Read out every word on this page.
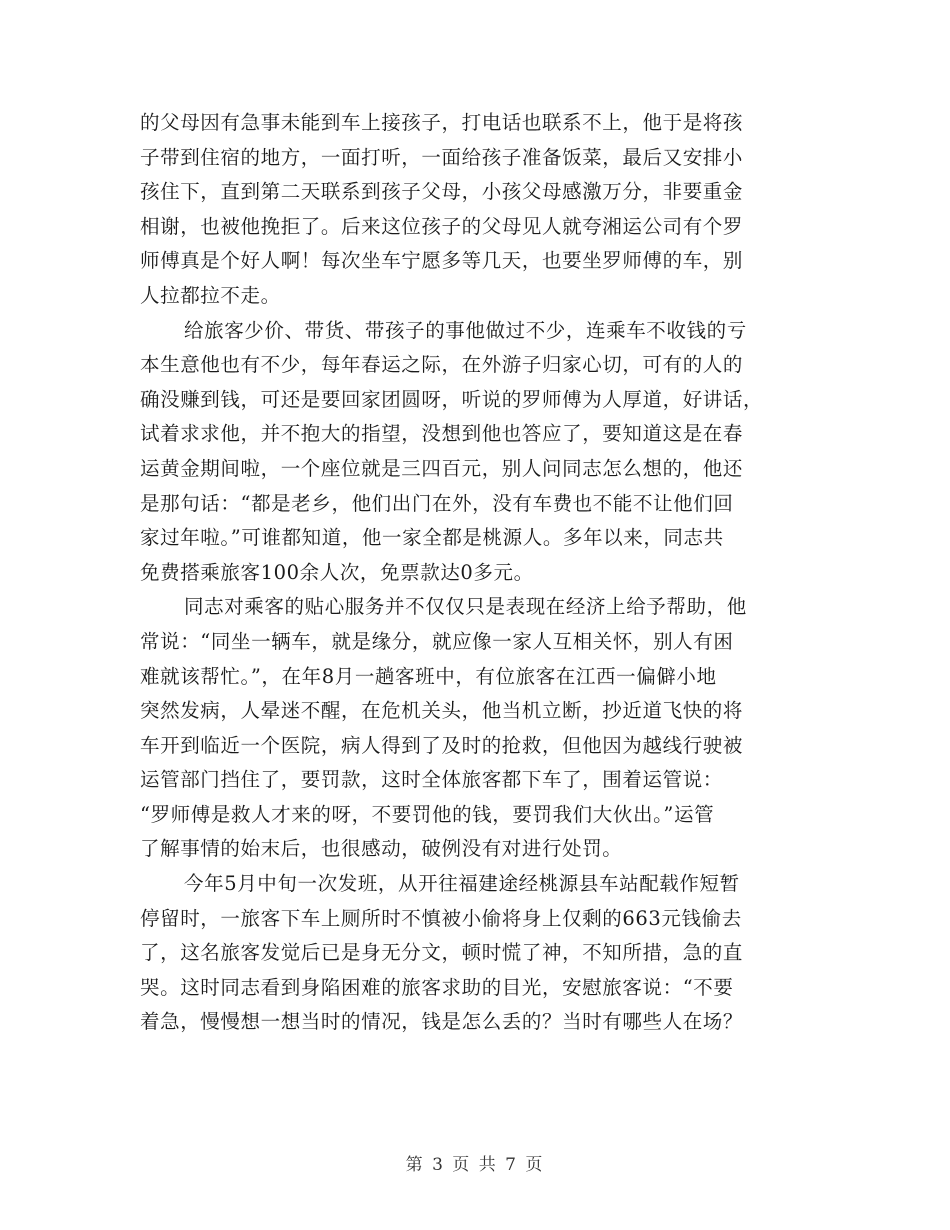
的父母因有急事未能到车上接孩子，打电话也联系不上，他于是将孩
子带到住宿的地方，一面打听，一面给孩子准备饭菜，最后又安排小
孩住下，直到第二天联系到孩子父母，小孩父母感激万分，非要重金
相谢，也被他挽拒了。后来这位孩子的父母见人就夸湘运公司有个罗
师傅真是个好人啊！每次坐车宁愿多等几天，也要坐罗师傅的车，别
人拉都拉不走。

给旅客少价、带货、带孩子的事他做过不少，连乘车不收钱的亏
本生意他也有不少，每年春运之际，在外游子归家心切，可有的人的
确没赚到钱，可还是要回家团圆呀，听说的罗师傅为人厚道，好讲话，
试着求求他，并不抱大的指望，没想到他也答应了，要知道这是在春
运黄金期间啦，一个座位就是三四百元，别人问同志怎么想的，他还
是那句话：“都是老乡，他们出门在外，没有车费也不能不让他们回
家过年啦。”可谁都知道，他一家全都是桃源人。多年以来，同志共
免费搭乘旅客100余人次，免票款达0多元。

同志对乘客的贴心服务并不仅仅只是表现在经济上给予帮助，他
常说：“同坐一辆车，就是缘分，就应像一家人互相关怀，别人有困
难就该帮忙。”，在年8月一趟客班中，有位旅客在江西一偏僻小地
突然发病，人晕迷不醒，在危机关头，他当机立断，抄近道飞快的将
车开到临近一个医院，病人得到了及时的抢救，但他因为越线行驶被
运管部门挡住了，要罚款，这时全体旅客都下车了，围着运管说：
“罗师傅是救人才来的呀，不要罚他的钱，要罚我们大伙出。”运管
了解事情的始末后，也很感动，破例没有对进行处罚。

今年5月中旬一次发班，从开往福建途经桃源县车站配载作短暂
停留时，一旅客下车上厕所时不慎被小偷将身上仅剩的663元钱偷去
了，这名旅客发觉后已是身无分文，顿时慌了神，不知所措，急的直
哭。这时同志看到身陷困难的旅客求助的目光，安慰旅客说：“不要
着急，慢慢想一想当时的情况，钱是怎么丢的？当时有哪些人在场？

第 3 页 共 7 页
